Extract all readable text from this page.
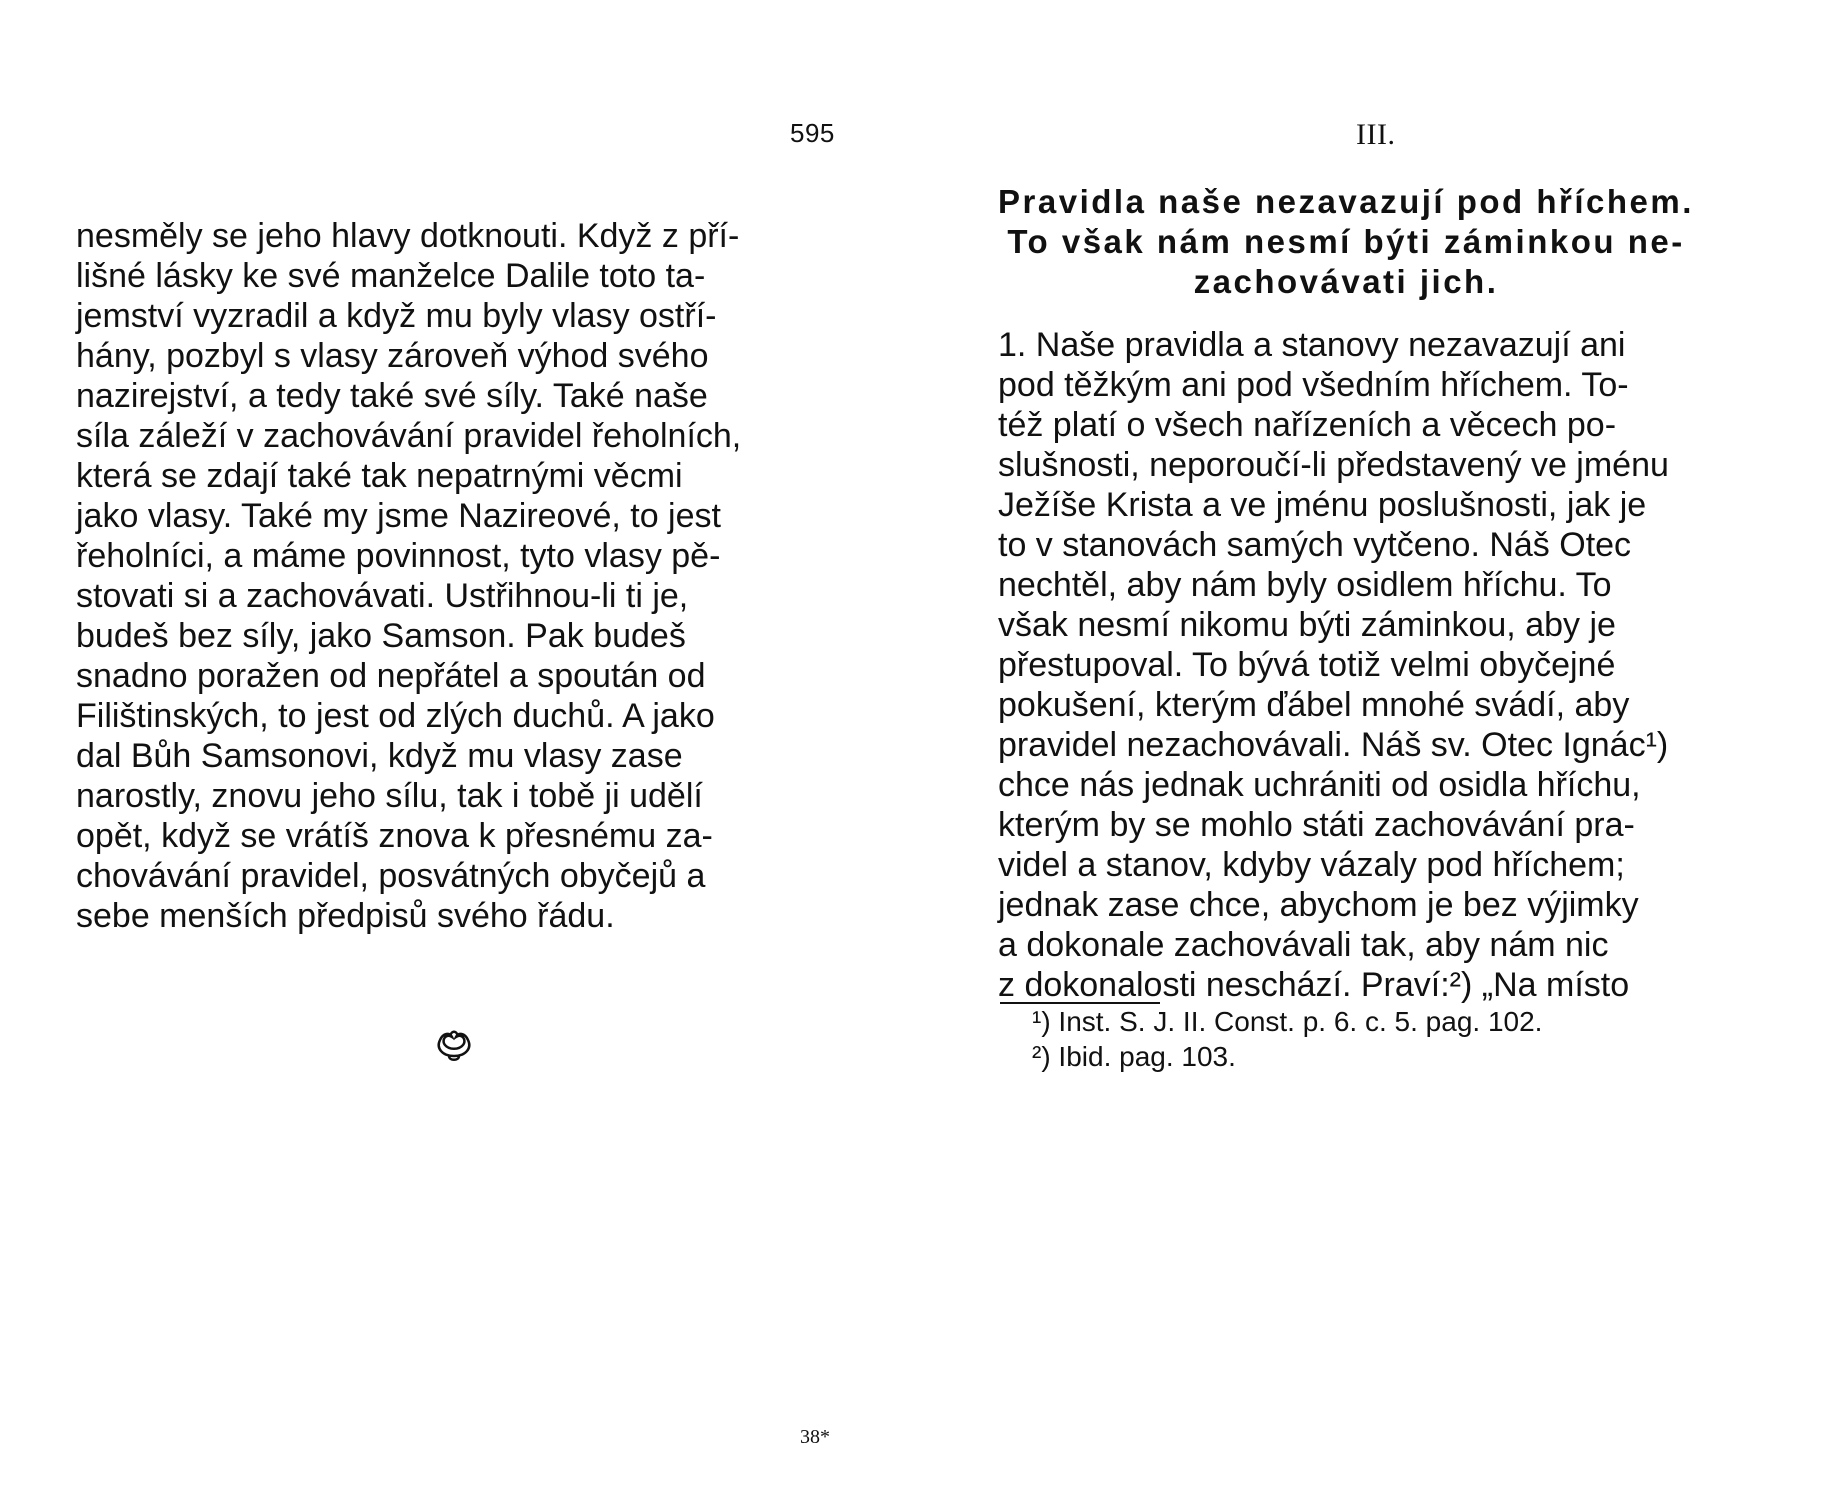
595

nesměly se jeho hlavy dotknouti. Když z pří-
lišné lásky ke své manželce Dalile toto ta-
jemství vyzradil a když mu byly vlasy ostří-
hány, pozbyl s vlasy zároveň výhod svého
nazirejství, a tedy také své síly. Také naše
síla záleží v zachovávání pravidel řeholních,
která se zdají také tak nepatrnými věcmi
jako vlasy. Také my jsme Nazireové, to jest
řeholníci, a máme povinnost, tyto vlasy pě-
stovati si a zachovávati. Ustřihnou-li ti je,
budeš bez síly, jako Samson. Pak budeš
snadno poražen od nepřátel a spoután od
Filištinských, to jest od zlých duchů. A jako
dal Bůh Samsonovi, když mu vlasy zase
narostly, znovu jeho sílu, tak i tobě ji udělí
opět, když se vrátíš znova k přesnému za-
chovávání pravidel, posvátných obyčejů a
sebe menších předpisů svého řádu.

III.
Pravidla naše nezavazují pod hříchem.
To však nám nesmí býti záminkou ne-
zachovávati jich.

1. Naše pravidla a stanovy nezavazují ani
pod těžkým ani pod všedním hříchem. To-
též platí o všech nařízeních a věcech po-
slušnosti, neporoučí-li představený ve jménu
Ježíše Krista a ve jménu poslušnosti, jak je
to v stanovách samých vytčeno. Náš Otec
nechtěl, aby nám byly osidlem hříchu. To
však nesmí nikomu býti záminkou, aby je
přestupoval. To bývá totiž velmi obyčejné
pokušení, kterým ďábel mnohé svádí, aby
pravidel nezachovávali. Náš sv. Otec Ignác¹)
chce nás jednak uchrániti od osidla hříchu,
kterým by se mohlo státi zachovávání pra-
videl a stanov, kdyby vázaly pod hříchem;
jednak zase chce, abychom je bez výjimky
a dokonale zachovávali tak, aby nám nic
z dokonalosti neschází. Praví:²) „Na místo

¹) Inst. S. J. II. Const. p. 6. c. 5. pag. 102.
²) Ibid. pag. 103.
38*
